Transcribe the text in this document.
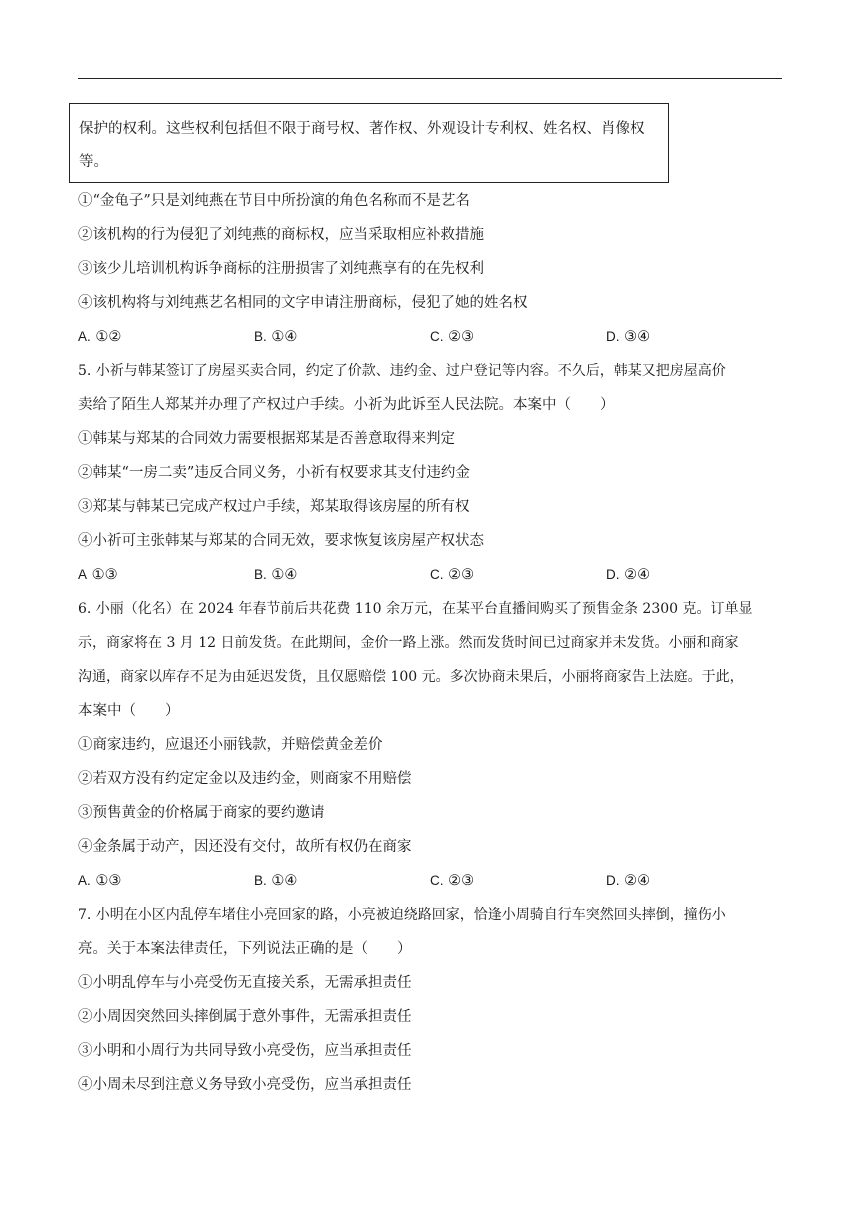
保护的权利。这些权利包括但不限于商号权、著作权、外观设计专利权、姓名权、肖像权
等。
①“金龟子”只是刘纯燕在节目中所扮演的角色名称而不是艺名
②该机构的行为侵犯了刘纯燕的商标权，应当采取相应补救措施
③该少儿培训机构诉争商标的注册损害了刘纯燕享有的在先权利
④该机构将与刘纯燕艺名相同的文字申请注册商标，侵犯了她的姓名权
A. ①②	B. ①④	C. ②③	D. ③④
5. 小祈与韩某签订了房屋买卖合同，约定了价款、违约金、过户登记等内容。不久后，韩某又把房屋高价
卖给了陌生人郑某并办理了产权过户手续。小祈为此诉至人民法院。本案中（　　）
①韩某与郑某的合同效力需要根据郑某是否善意取得来判定
②韩某“一房二卖”违反合同义务，小祈有权要求其支付违约金
③郑某与韩某已完成产权过户手续，郑某取得该房屋的所有权
④小祈可主张韩某与郑某的合同无效，要求恢复该房屋产权状态
A ①③	B. ①④	C. ②③	D. ②④
6. 小丽（化名）在 2024 年春节前后共花费 110 余万元，在某平台直播间购买了预售金条 2300 克。订单显
示，商家将在 3 月 12 日前发货。在此期间，金价一路上涨。然而发货时间已过商家并未发货。小丽和商家
沟通，商家以库存不足为由延迟发货，且仅愿赔偿 100 元。多次协商未果后，小丽将商家告上法庭。于此，
本案中（　　）
①商家违约，应退还小丽钱款，并赔偿黄金差价
②若双方没有约定定金以及违约金，则商家不用赔偿
③预售黄金的价格属于商家的要约邀请
④金条属于动产，因还没有交付，故所有权仍在商家
A. ①③	B. ①④	C. ②③	D. ②④
7. 小明在小区内乱停车堵住小亮回家的路，小亮被迫绕路回家，恰逢小周骑自行车突然回头摔倒，撞伤小
亮。关于本案法律责任，下列说法正确的是（　　）
①小明乱停车与小亮受伤无直接关系，无需承担责任
②小周因突然回头摔倒属于意外事件，无需承担责任
③小明和小周行为共同导致小亮受伤，应当承担责任
④小周未尽到注意义务导致小亮受伤，应当承担责任
